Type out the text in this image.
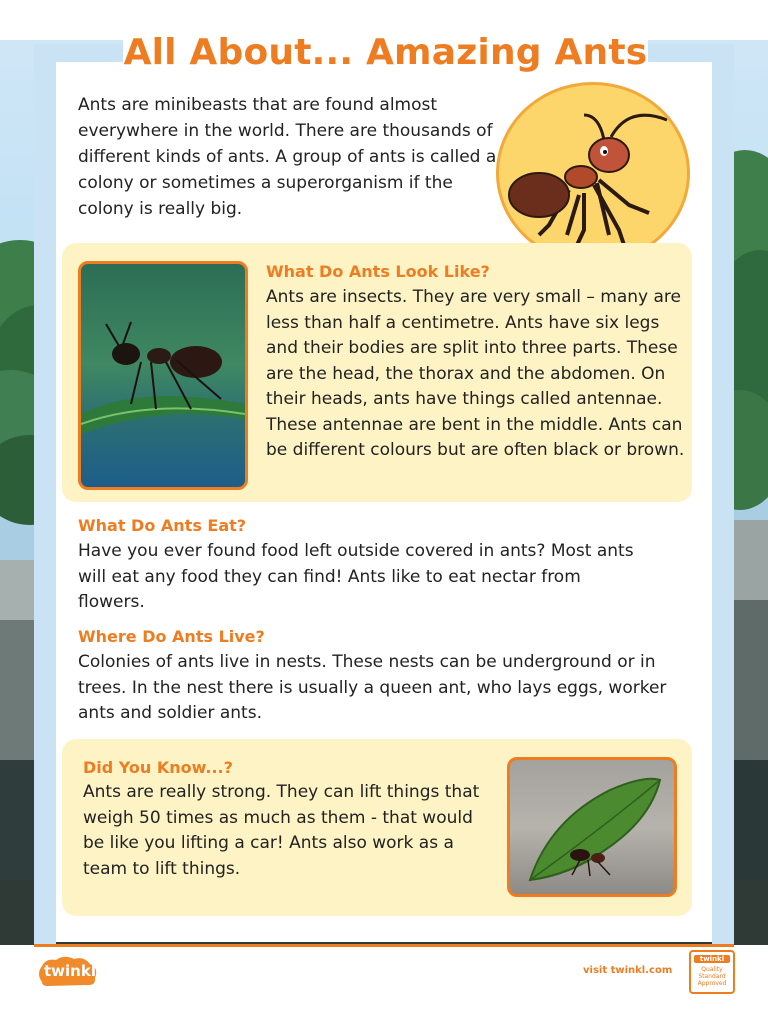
All About... Amazing Ants
Ants are minibeasts that are found almost everywhere in the world. There are thousands of different kinds of ants. A group of ants is called a colony or sometimes a superorganism if the colony is really big.
What Do Ants Look Like?
Ants are insects. They are very small – many are less than half a centimetre. Ants have six legs and their bodies are split into three parts. These are the head, the thorax and the abdomen. On their heads, ants have things called antennae. These antennae are bent in the middle. Ants can be different colours but are often black or brown.
What Do Ants Eat?
Have you ever found food left outside covered in ants? Most ants will eat any food they can find! Ants like to eat nectar from flowers.
Where Do Ants Live?
Colonies of ants live in nests. These nests can be underground or in trees. In the nest there is usually a queen ant, who lays eggs, worker ants and soldier ants.
Did You Know...?
Ants are really strong. They can lift things that weigh 50 times as much as them - that would be like you lifting a car! Ants also work as a team to lift things.
twinkl	visit twinkl.com
twinkl
Quality Standard Approved
